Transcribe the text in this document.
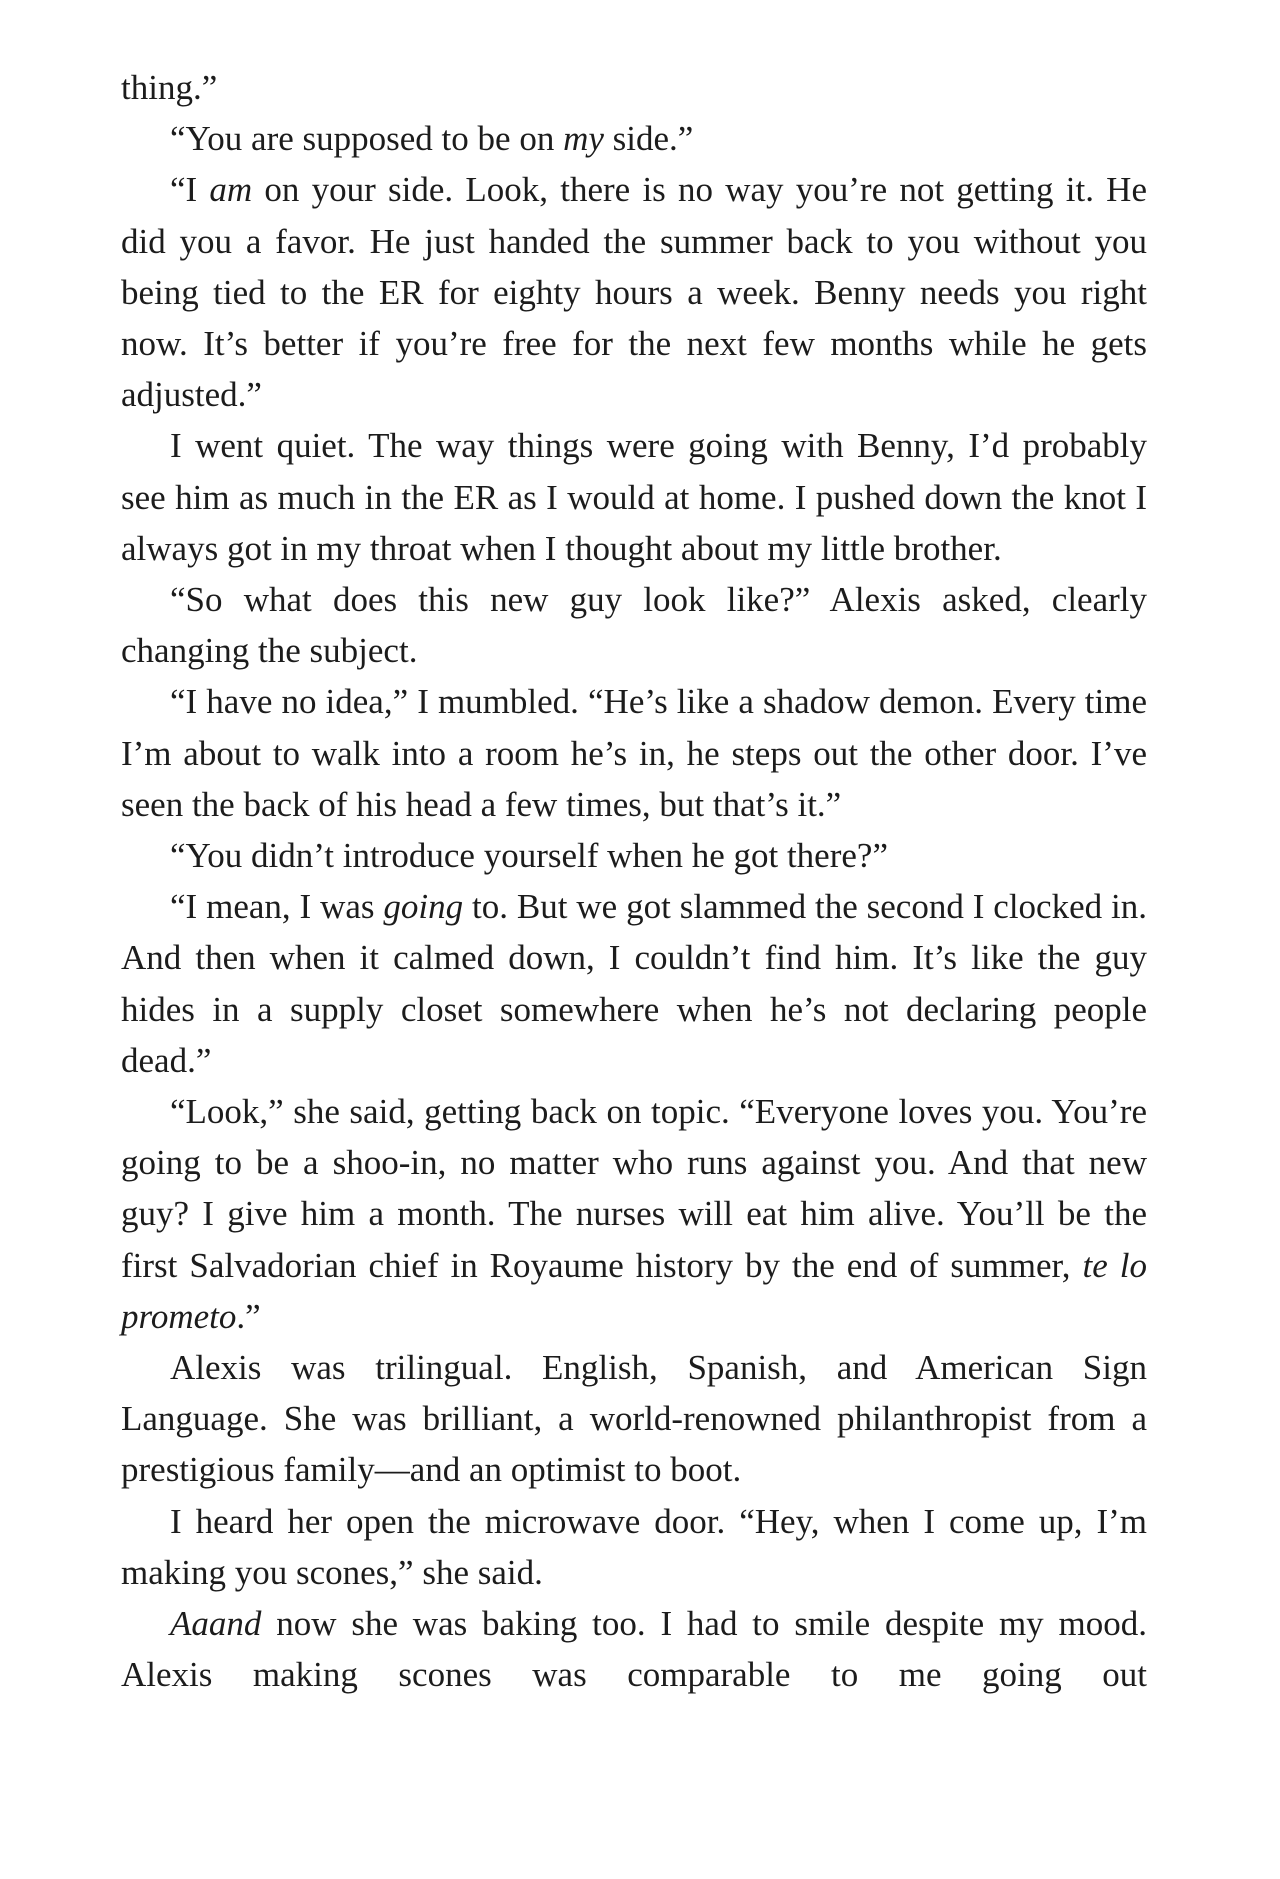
thing.”

“You are supposed to be on my side.”

“I am on your side. Look, there is no way you’re not getting it. He did you a favor. He just handed the summer back to you without you being tied to the ER for eighty hours a week. Benny needs you right now. It’s better if you’re free for the next few months while he gets adjusted.”

I went quiet. The way things were going with Benny, I’d probably see him as much in the ER as I would at home. I pushed down the knot I always got in my throat when I thought about my little brother.

“So what does this new guy look like?” Alexis asked, clearly changing the subject.

“I have no idea,” I mumbled. “He’s like a shadow demon. Every time I’m about to walk into a room he’s in, he steps out the other door. I’ve seen the back of his head a few times, but that’s it.”

“You didn’t introduce yourself when he got there?”

“I mean, I was going to. But we got slammed the second I clocked in. And then when it calmed down, I couldn’t find him. It’s like the guy hides in a supply closet somewhere when he’s not declaring people dead.”

“Look,” she said, getting back on topic. “Everyone loves you. You’re going to be a shoo-in, no matter who runs against you. And that new guy? I give him a month. The nurses will eat him alive. You’ll be the first Salvadorian chief in Royaume history by the end of summer, te lo prometo.”

Alexis was trilingual. English, Spanish, and American Sign Language. She was brilliant, a world-renowned philanthropist from a prestigious family—and an optimist to boot.

I heard her open the microwave door. “Hey, when I come up, I’m making you scones,” she said.

Aaand now she was baking too. I had to smile despite my mood. Alexis making scones was comparable to me going out
